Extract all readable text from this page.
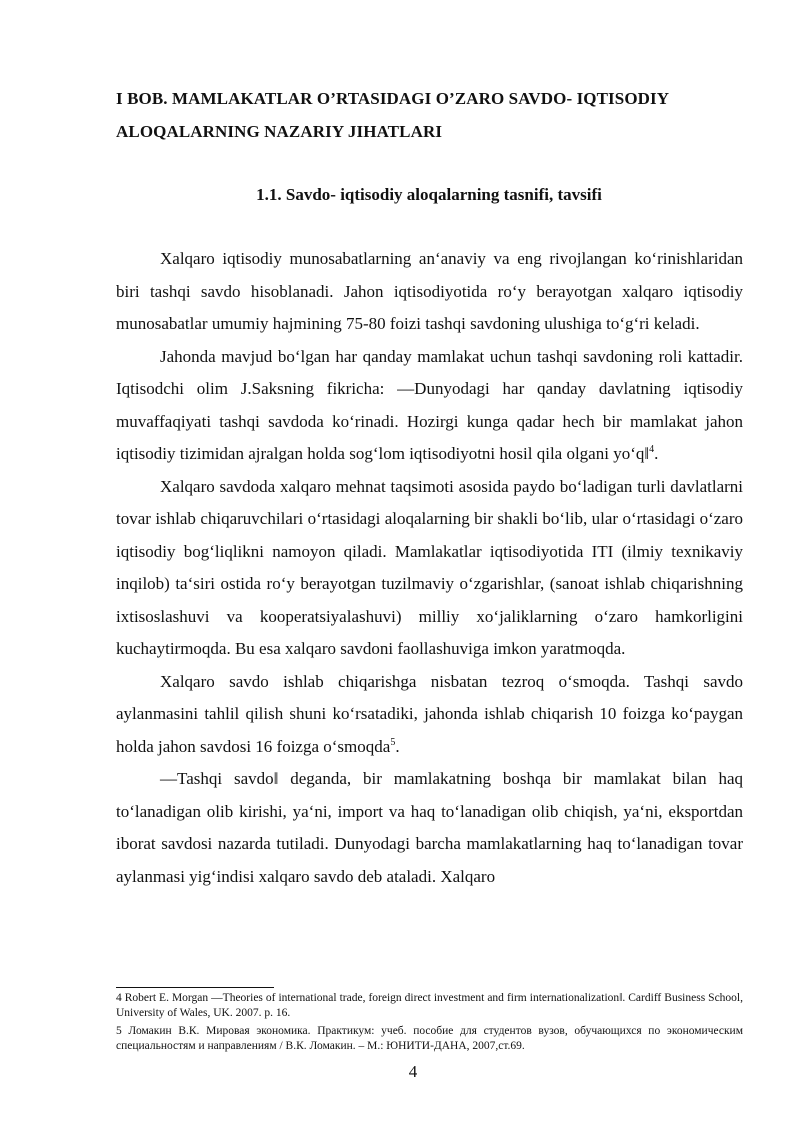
I BOB. MAMLAKATLAR O’RTASIDAGI O’ZARO SAVDO- IQTISODIY
ALOQALARNING NAZARIY JIHATLARI
1.1. Savdo- iqtisodiy aloqalarning tasnifi, tavsifi

Xalqaro iqtisodiy munosabatlarning an‘anaviy va eng rivojlangan ko‘rinishlaridan biri tashqi savdo hisoblanadi. Jahon iqtisodiyotida ro‘y berayotgan xalqaro iqtisodiy munosabatlar umumiy hajmining 75-80 foizi tashqi savdoning ulushiga to‘g‘ri keladi.

Jahonda mavjud bo‘lgan har qanday mamlakat uchun tashqi savdoning roli kattadir. Iqtisodchi olim J.Saksning fikricha: ―Dunyodagi har qanday davlatning iqtisodiy muvaffaqiyati tashqi savdoda ko‘rinadi. Hozirgi kunga qadar hech bir mamlakat jahon iqtisodiy tizimidan ajralgan holda sog‘lom iqtisodiyotni hosil qila olgani yo‘q‖$^4$.

Xalqaro savdoda xalqaro mehnat taqsimoti asosida paydo bo‘ladigan turli davlatlarni tovar ishlab chiqaruvchilari o‘rtasidagi aloqalarning bir shakli bo‘lib, ular o‘rtasidagi o‘zaro iqtisodiy bog‘liqlikni namoyon qiladi. Mamlakatlar iqtisodiyotida ITI (ilmiy texnikaviy inqilob) ta‘siri ostida ro‘y berayotgan tuzilmaviy o‘zgarishlar, (sanoat ishlab chiqarishning ixtisoslashuvi va kooperatsiyalashuvi) milliy xo‘jaliklarning o‘zaro hamkorligini kuchaytirmoqda. Bu esa xalqaro savdoni faollashuviga imkon yaratmoqda.

Xalqaro savdo ishlab chiqarishga nisbatan tezroq o‘smoqda. Tashqi savdo aylanmasini tahlil qilish shuni ko‘rsatadiki, jahonda ishlab chiqarish 10 foizga ko‘paygan holda jahon savdosi 16 foizga o‘smoqda$^5$.

―Tashqi savdo‖ deganda, bir mamlakatning boshqa bir mamlakat bilan haq to‘lanadigan olib kirishi, ya‘ni, import va haq to‘lanadigan olib chiqish, ya‘ni, eksportdan iborat savdosi nazarda tutiladi. Dunyodagi barcha mamlakatlarning haq to‘lanadigan tovar aylanmasi yig‘indisi xalqaro savdo deb ataladi. Xalqaro

4 Robert E. Morgan ―Theories of international trade, foreign direct investment and firm internationalization‖. Cardiff Business School, University of Wales, UK. 2007. p. 16.

5 Ломакин В.К. Мировая экономика. Практикум: учеб. пособие для студентов вузов, обучающихся по экономическим специальностям и направлениям / В.К. Ломакин. – М.: ЮНИТИ-ДАНА, 2007,ст.69.

4
